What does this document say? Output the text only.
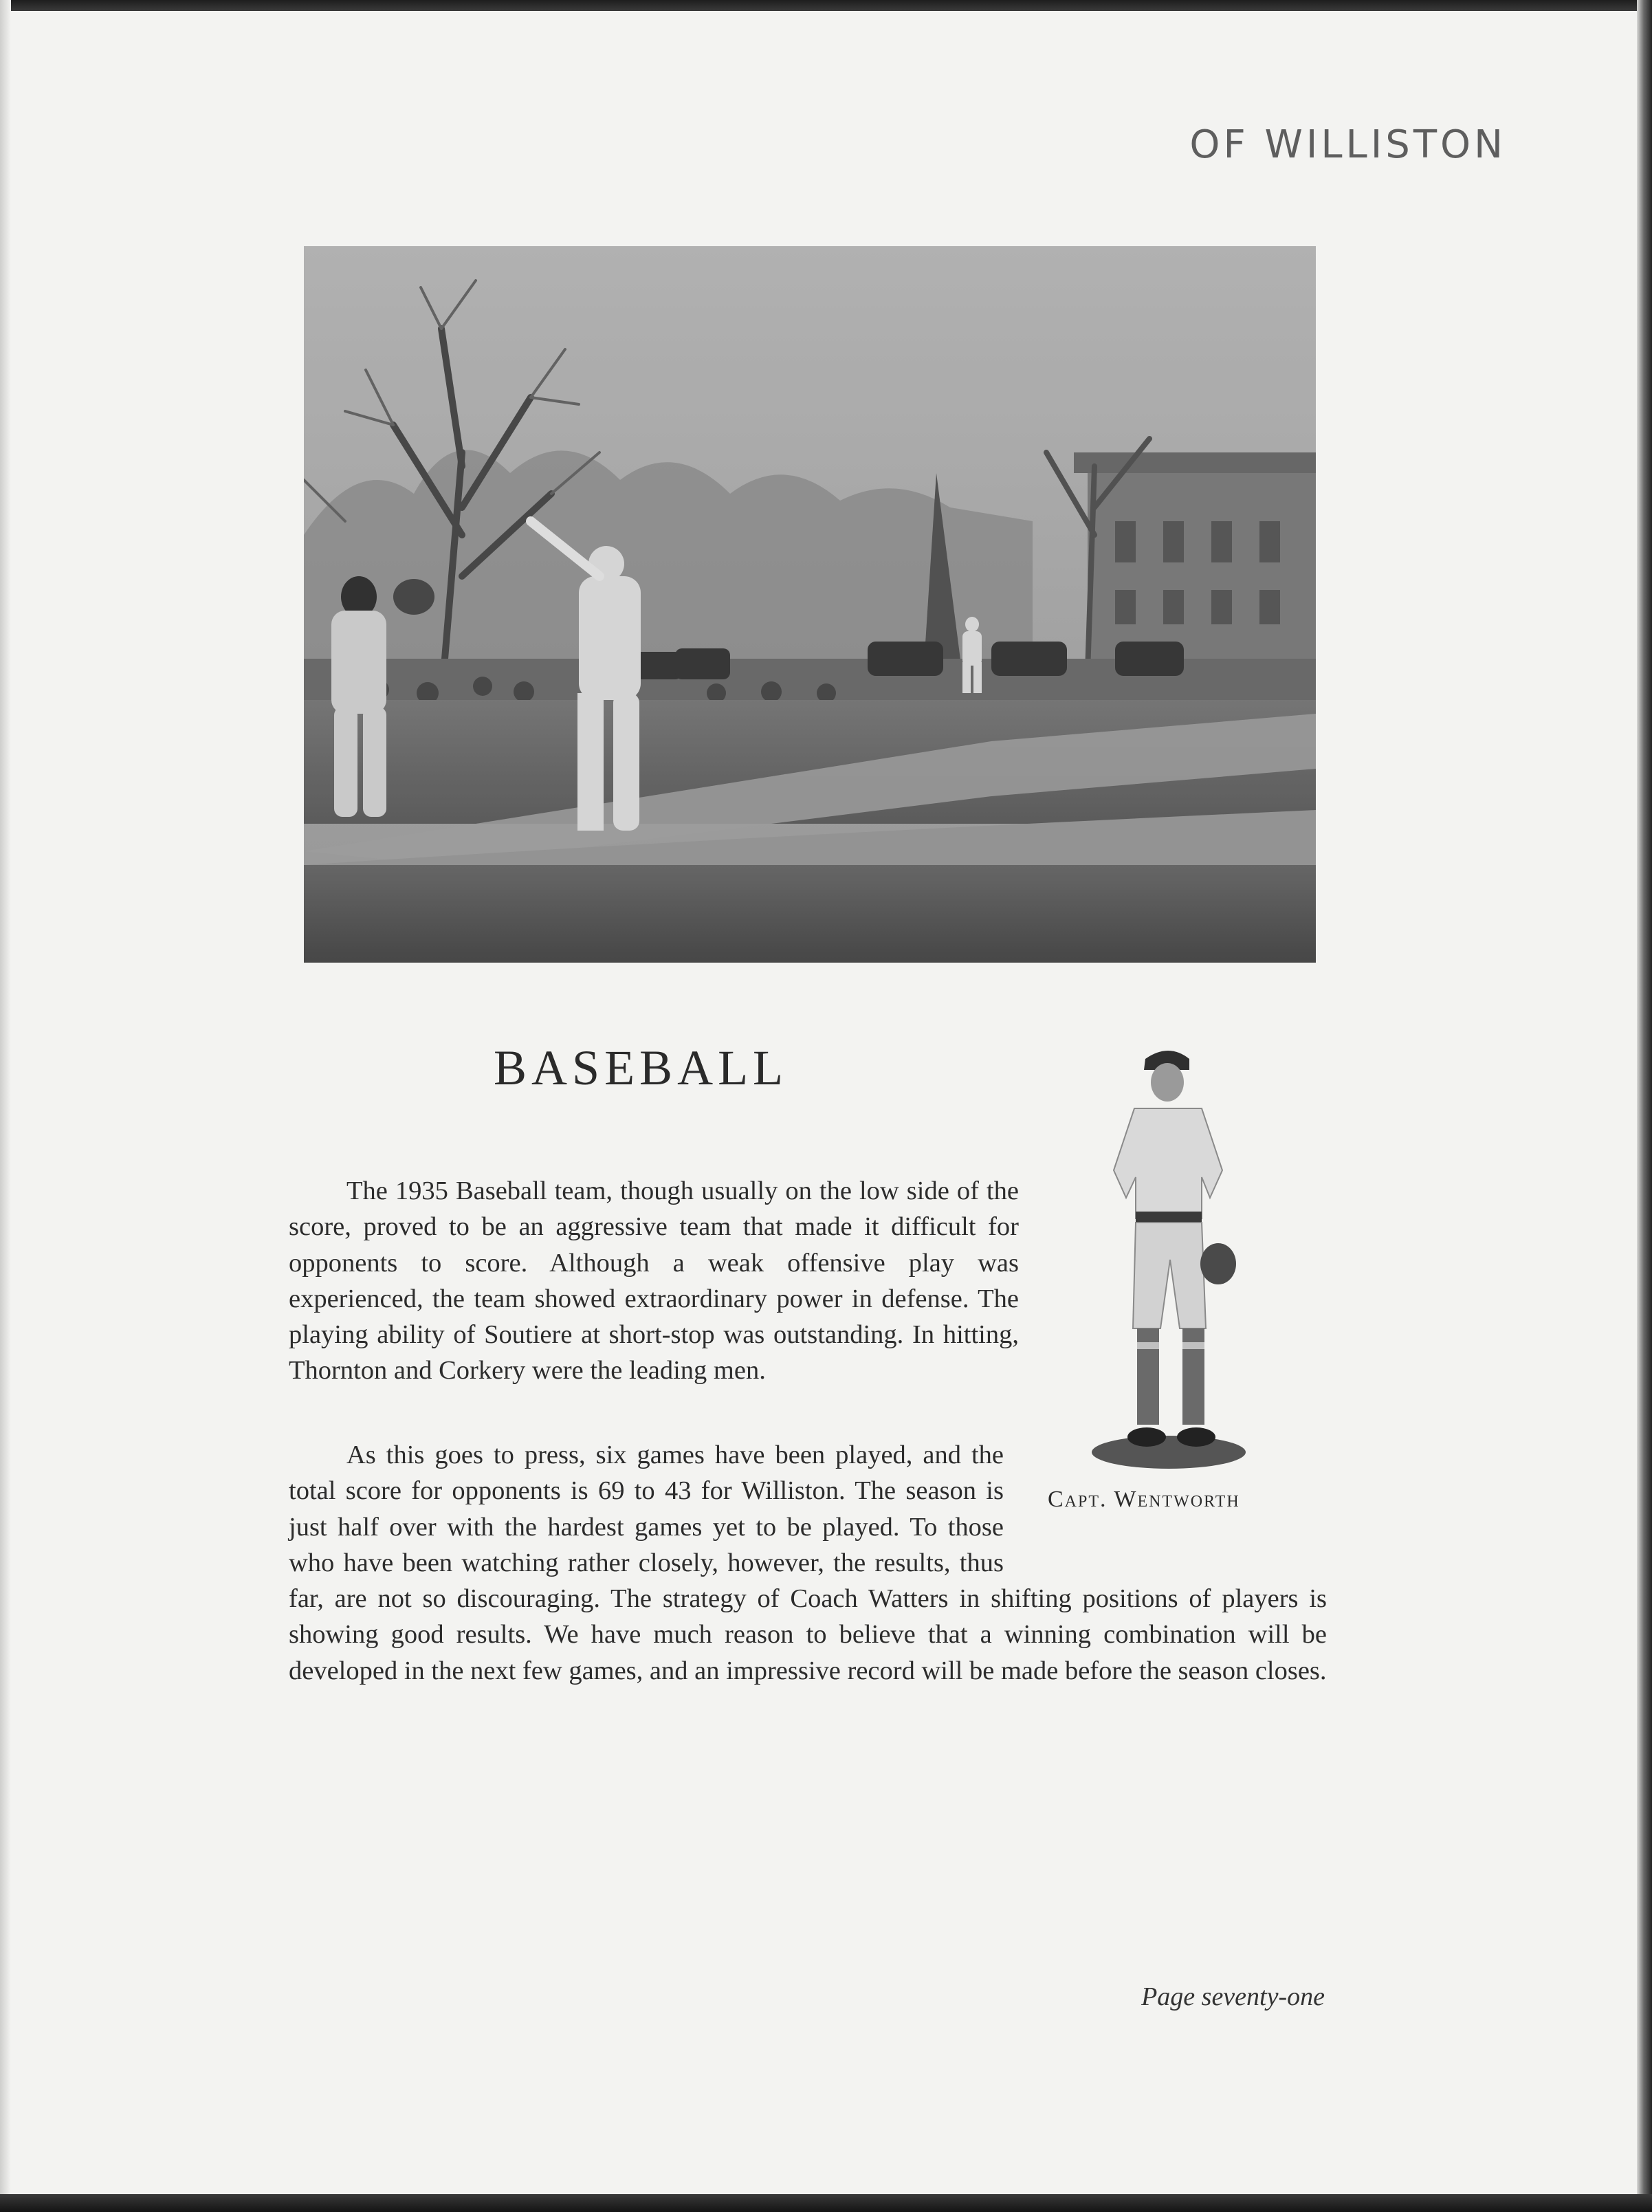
OF WILLISTON

BASEBALL

The 1935 Baseball team, though usually on the low side of the score, proved to be an aggressive team that made it difficult for opponents to score. Although a weak offensive play was experienced, the team showed extraordinary power in defense. The playing ability of Soutiere at short-stop was outstanding. In hitting, Thornton and Corkery were the leading men.

As this goes to press, six games have been played, and the total score for opponents is 69 to 43 for Williston. The season is just half over with the hardest games yet to be played. To those who have been watching rather closely, however, the results, thus far, are not so discouraging. The strategy of Coach Watters in shifting positions of players is showing good results. We have much reason to believe that a winning combination will be developed in the next few games, and an impressive record will be made before the season closes.

Capt. Wentworth

Page seventy-one
